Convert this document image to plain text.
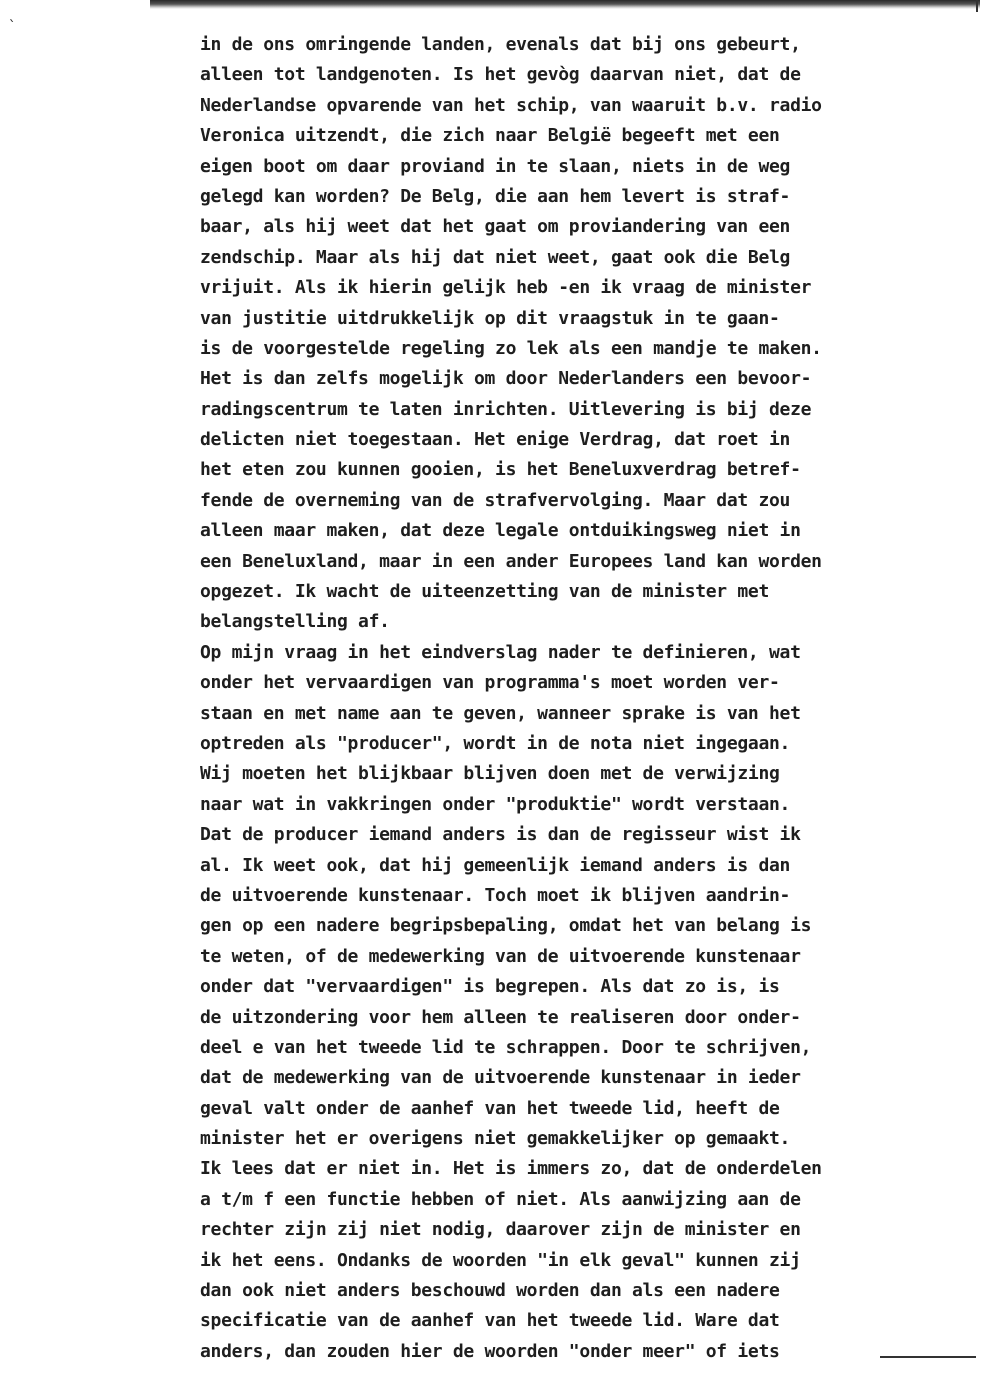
`
in de ons omringende landen, evenals dat bij ons gebeurt,
alleen tot landgenoten. Is het gevòg daarvan niet, dat de
Nederlandse opvarende van het schip, van waaruit b.v. radio
Veronica uitzendt, die zich naar België begeeft met een
eigen boot om daar proviand in te slaan, niets in de weg
gelegd kan worden? De Belg, die aan hem levert is straf-
baar, als hij weet dat het gaat om proviandering van een
zendschip. Maar als hij dat niet weet, gaat ook die Belg
vrijuit. Als ik hierin gelijk heb -en ik vraag de minister
van justitie uitdrukkelijk op dit vraagstuk in te gaan-
is de voorgestelde regeling zo lek als een mandje te maken.
Het is dan zelfs mogelijk om door Nederlanders een bevoor-
radingscentrum te laten inrichten. Uitlevering is bij deze
delicten niet toegestaan. Het enige Verdrag, dat roet in
het eten zou kunnen gooien, is het Beneluxverdrag betref-
fende de overneming van de strafvervolging. Maar dat zou
alleen maar maken, dat deze legale ontduikingsweg niet in
een Beneluxland, maar in een ander Europees land kan worden
opgezet. Ik wacht de uiteenzetting van de minister met
belangstelling af.
Op mijn vraag in het eindverslag nader te definieren, wat
onder het vervaardigen van programma's moet worden ver-
staan en met name aan te geven, wanneer sprake is van het
optreden als "producer", wordt in de nota niet ingegaan.
Wij moeten het blijkbaar blijven doen met de verwijzing
naar wat in vakkringen onder "produktie" wordt verstaan.
Dat de producer iemand anders is dan de regisseur wist ik
al. Ik weet ook, dat hij gemeenlijk iemand anders is dan
de uitvoerende kunstenaar. Toch moet ik blijven aandrin-
gen op een nadere begripsbepaling, omdat het van belang is
te weten, of de medewerking van de uitvoerende kunstenaar
onder dat "vervaardigen" is begrepen. Als dat zo is, is
de uitzondering voor hem alleen te realiseren door onder-
deel e van het tweede lid te schrappen. Door te schrijven,
dat de medewerking van de uitvoerende kunstenaar in ieder
geval valt onder de aanhef van het tweede lid, heeft de
minister het er overigens niet gemakkelijker op gemaakt.
Ik lees dat er niet in. Het is immers zo, dat de onderdelen
a t/m f een functie hebben of niet. Als aanwijzing aan de
rechter zijn zij niet nodig, daarover zijn de minister en
ik het eens. Ondanks de woorden "in elk geval" kunnen zij
dan ook niet anders beschouwd worden dan als een nadere
specificatie van de aanhef van het tweede lid. Ware dat
anders, dan zouden hier de woorden "onder meer" of iets
